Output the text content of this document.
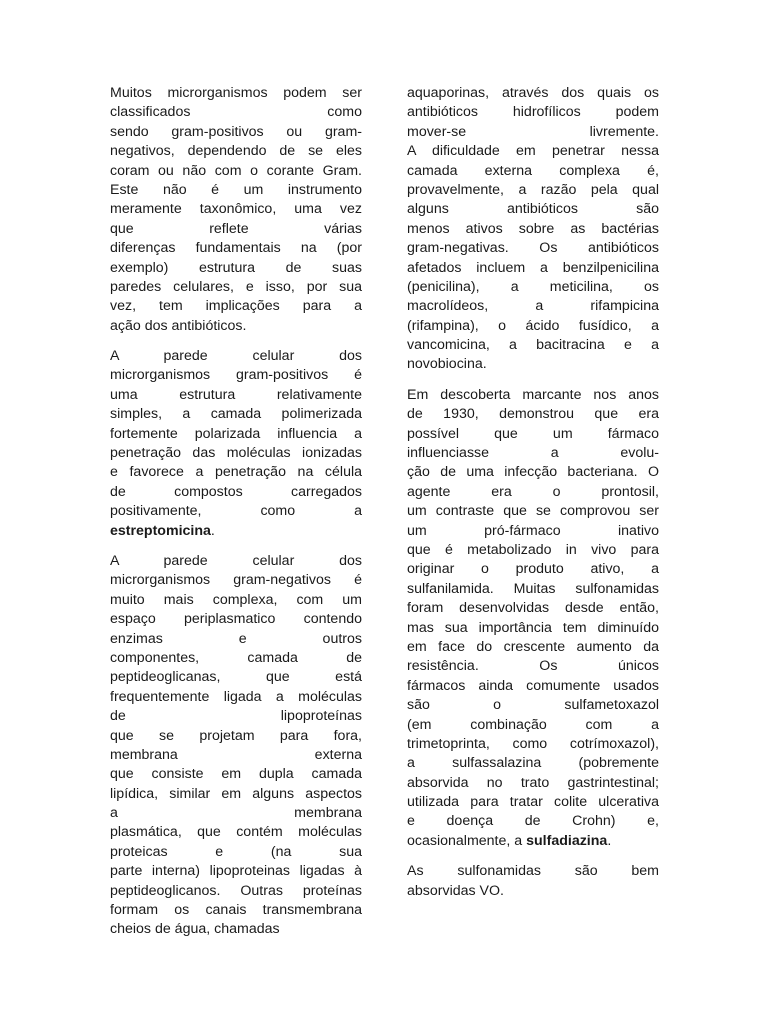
Muitos microrganismos podem ser
classificados como
sendo gram-positivos ou gram-
negativos, dependendo de se eles
coram ou não com o corante Gram.
Este não é um instrumento
meramente taxonômico, uma vez
que reflete várias
diferenças fundamentais na (por
exemplo) estrutura de suas
paredes celulares, e isso, por sua
vez, tem implicações para a
ação dos antibióticos.
A parede celular dos
microrganismos gram-positivos é
uma estrutura relativamente
simples, a camada polimerizada
fortemente polarizada influencia a
penetração das moléculas ionizadas
e favorece a penetração na célula
de compostos carregados
positivamente, como a
estreptomicina.
A parede celular dos
microrganismos gram-negativos é
muito mais complexa, com um
espaço periplasmatico contendo
enzimas e outros
componentes, camada de
peptideoglicanas, que está
frequentemente ligada a moléculas
de lipoproteínas
que se projetam para fora,
membrana externa
que consiste em dupla camada
lipídica, similar em alguns aspectos
a membrana
plasmática, que contém moléculas
proteicas e (na sua
parte interna) lipoproteinas ligadas à
peptideoglicanos. Outras proteínas
formam os canais transmembrana
cheios de água, chamadas
aquaporinas, através dos quais os
antibióticos hidrofílicos podem
mover-se livremente.
A dificuldade em penetrar nessa
camada externa complexa é,
provavelmente, a razão pela qual
alguns antibióticos são
menos ativos sobre as bactérias
gram-negativas. Os antibióticos
afetados incluem a benzilpenicilina
(penicilina), a meticilina, os
macrolídeos, a rifampicina
(rifampina), o ácido fusídico, a
vancomicina, a bacitracina e a
novobiocina.
Em descoberta marcante nos anos
de 1930, demonstrou que era
possível que um fármaco
influenciasse a evolu-
ção de uma infecção bacteriana. O
agente era o prontosil,
um contraste que se comprovou ser
um pró-fármaco inativo
que é metabolizado in vivo para
originar o produto ativo, a
sulfanilamida. Muitas sulfonamidas
foram desenvolvidas desde então,
mas sua importância tem diminuído
em face do crescente aumento da
resistência. Os únicos
fármacos ainda comumente usados
são o sulfametoxazol
(em combinação com a
trimetoprinta, como cotrímoxazol),
a sulfassalazina (pobremente
absorvida no trato gastrintestinal;
utilizada para tratar colite ulcerativa
e doença de Crohn) e,
ocasionalmente, a sulfadiazina.
As sulfonamidas são bem
absorvidas VO.
